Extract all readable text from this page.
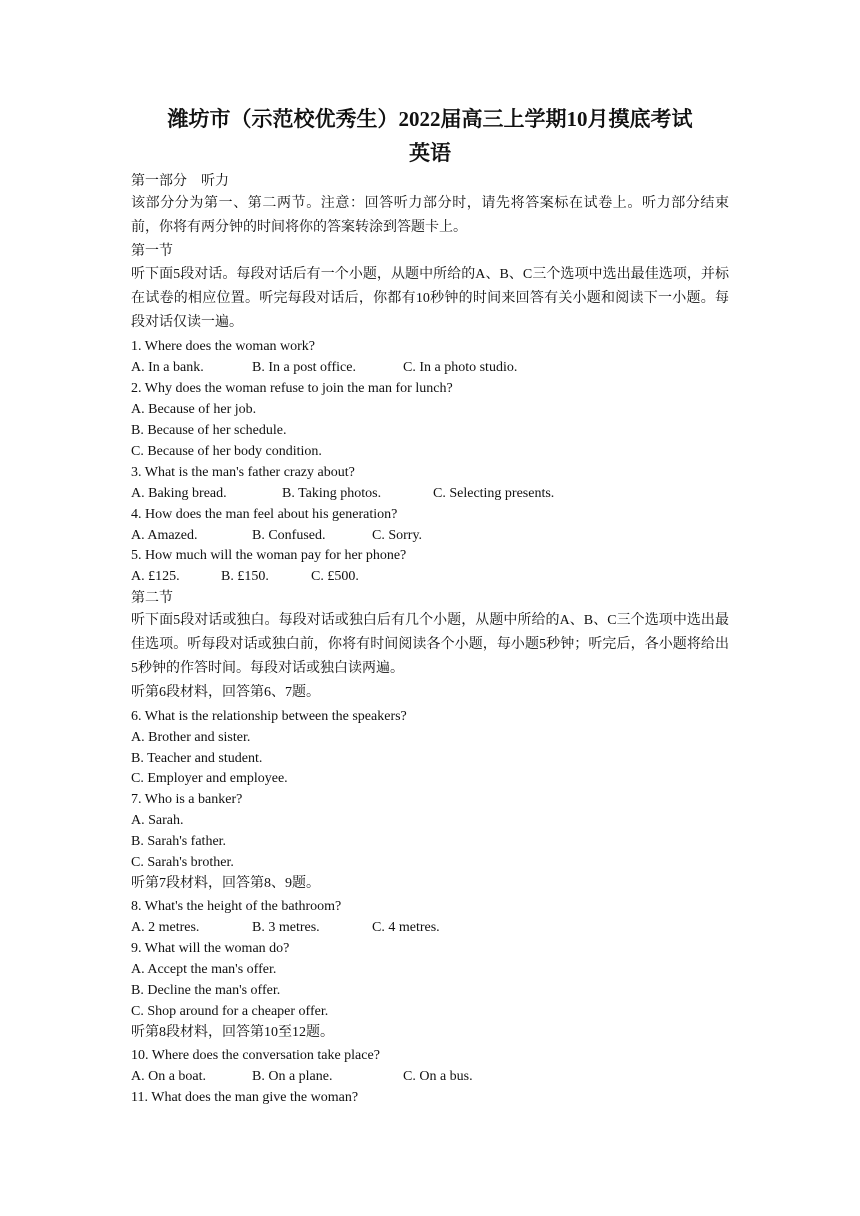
潍坊市（示范校优秀生）2022届高三上学期10月摸底考试
英语
第一部分　听力
该部分分为第一、第二两节。注意：回答听力部分时，请先将答案标在试卷上。听力部分结束前，你将有两分钟的时间将你的答案转涂到答题卡上。
第一节
听下面5段对话。每段对话后有一个小题，从题中所给的A、B、C三个选项中选出最佳选项，并标在试卷的相应位置。听完每段对话后，你都有10秒钟的时间来回答有关小题和阅读下一小题。每段对话仅读一遍。
1. Where does the woman work?
A. In a bank.	B. In a post office.	C. In a photo studio.
2. Why does the woman refuse to join the man for lunch?
A. Because of her job.
B. Because of her schedule.
C. Because of her body condition.
3. What is the man's father crazy about?
A. Baking bread.	B. Taking photos.	C. Selecting presents.
4. How does the man feel about his generation?
A. Amazed.	B. Confused.	C. Sorry.
5. How much will the woman pay for her phone?
A. £125.	B. £150.	C. £500.
第二节
听下面5段对话或独白。每段对话或独白后有几个小题，从题中所给的A、B、C三个选项中选出最佳选项。听每段对话或独白前，你将有时间阅读各个小题，每小题5秒钟；听完后，各小题将给出5秒钟的作答时间。每段对话或独白读两遍。
听第6段材料，回答第6、7题。
6. What is the relationship between the speakers?
A. Brother and sister.
B. Teacher and student.
C. Employer and employee.
7. Who is a banker?
A. Sarah.
B. Sarah's father.
C. Sarah's brother.
听第7段材料，回答第8、9题。
8. What's the height of the bathroom?
A. 2 metres.	B. 3 metres.	C. 4 metres.
9. What will the woman do?
A. Accept the man's offer.
B. Decline the man's offer.
C. Shop around for a cheaper offer.
听第8段材料，回答第10至12题。
10. Where does the conversation take place?
A. On a boat.	B. On a plane.	C. On a bus.
11. What does the man give the woman?
